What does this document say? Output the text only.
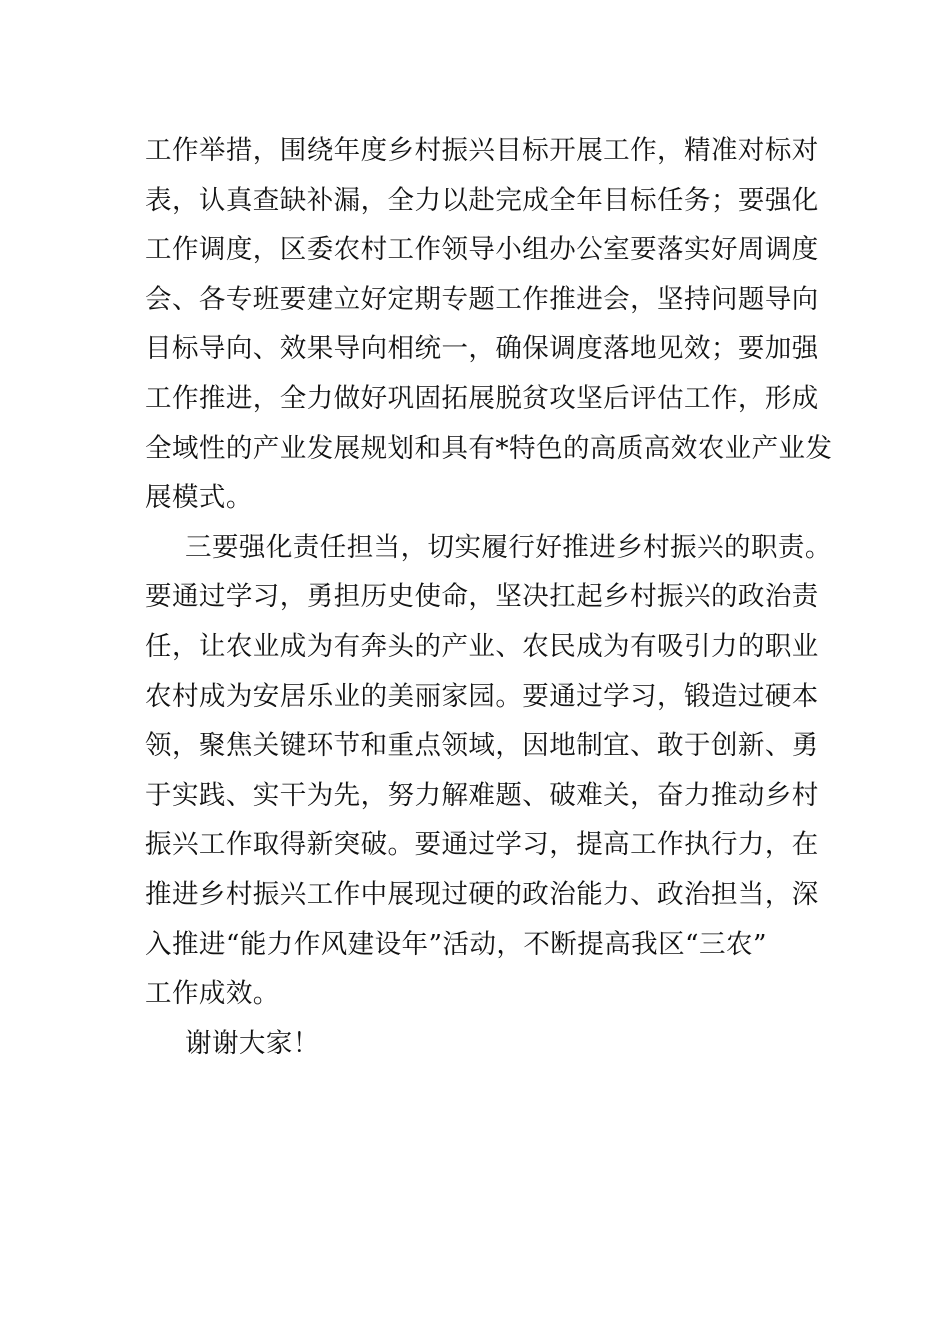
工作举措，围绕年度乡村振兴目标开展工作，精准对标对
表，认真查缺补漏，全力以赴完成全年目标任务；要强化
工作调度，区委农村工作领导小组办公室要落实好周调度
会、各专班要建立好定期专题工作推进会，坚持问题导向
目标导向、效果导向相统一，确保调度落地见效；要加强
工作推进，全力做好巩固拓展脱贫攻坚后评估工作，形成
全域性的产业发展规划和具有*特色的高质高效农业产业发
展模式。
三要强化责任担当，切实履行好推进乡村振兴的职责。
要通过学习，勇担历史使命，坚决扛起乡村振兴的政治责
任，让农业成为有奔头的产业、农民成为有吸引力的职业
农村成为安居乐业的美丽家园。要通过学习，锻造过硬本
领，聚焦关键环节和重点领域，因地制宜、敢于创新、勇
于实践、实干为先，努力解难题、破难关，奋力推动乡村
振兴工作取得新突破。要通过学习，提高工作执行力，在
推进乡村振兴工作中展现过硬的政治能力、政治担当，深
入推进“能力作风建设年”活动，不断提高我区“三农”
工作成效。
谢谢大家！
